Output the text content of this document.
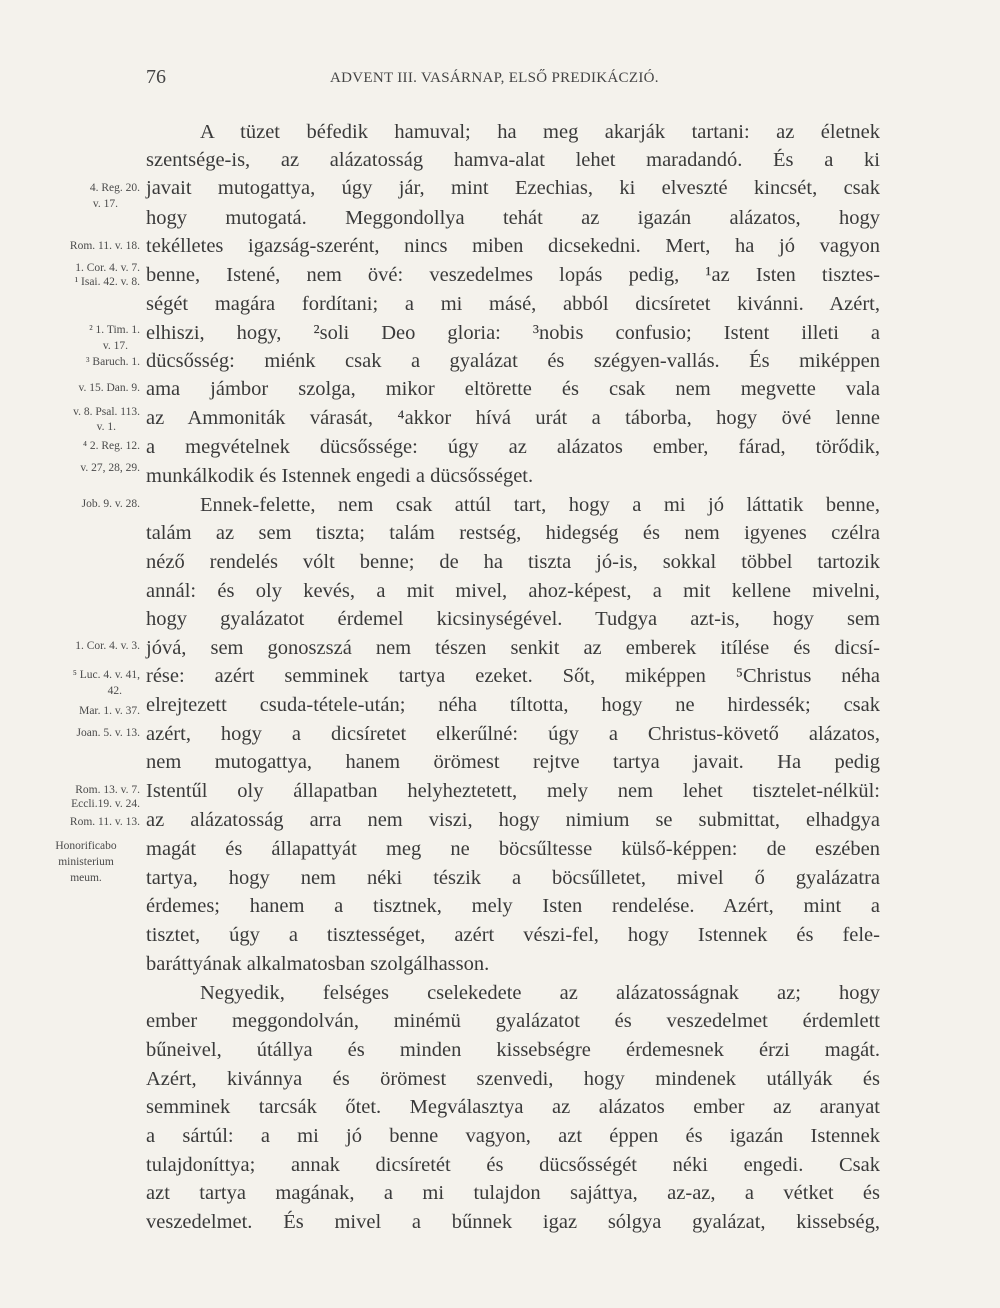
76	ADVENT III. VASÁRNAP, ELSŐ PREDIKÁCZIÓ.
A tüzet béfedik hamuval; ha meg akarják tartani: az életnek
szentsége-is, az alázatosság hamva-alat lehet maradandó. És a ki
javait mutogattya, úgy jár, mint Ezechias, ki elveszté kincsét, csak
hogy mutogatá. Meggondollya tehát az igazán alázatos, hogy
tekélletes igazság-szerént, nincs miben dicsekedni. Mert, ha jó vagyon
benne, Istené, nem övé: veszedelmes lopás pedig, ¹az Isten tisztes-
ségét magára fordítani; a mi másé, abból dicsíretet kivánni. Azért,
elhiszi, hogy, ²soli Deo gloria: ³nobis confusio; Istent illeti a
dücsősség: miénk csak a gyalázat és szégyen-vallás. És miképpen
ama jámbor szolga, mikor eltörette és csak nem megvette vala
az Ammoniták várasát, ⁴akkor hívá urát a táborba, hogy övé lenne
a megvételnek dücsőssége: úgy az alázatos ember, fárad, törődik,
munkálkodik és Istennek engedi a dücsősséget.
Ennek-felette, nem csak attúl tart, hogy a mi jó láttatik benne,
talám az sem tiszta; talám restség, hidegség és nem igyenes czélra
néző rendelés vólt benne; de ha tiszta jó-is, sokkal többel tartozik
annál: és oly kevés, a mit mivel, ahoz-képest, a mit kellene mivelni,
hogy gyalázatot érdemel kicsinységével. Tudgya azt-is, hogy sem
jóvá, sem gonoszszá nem tészen senkit az emberek itílése és dicsí-
rése: azért semminek tartya ezeket. Sőt, miképpen ⁵Christus néha
elrejtezett csuda-tétele-után; néha tíltotta, hogy ne hirdessék; csak
azért, hogy a dicsíretet elkerűlné: úgy a Christus-követő alázatos,
nem mutogattya, hanem örömest rejtve tartya javait. Ha pedig
Istentűl oly állapatban helyheztetett, mely nem lehet tisztelet-nélkül:
az alázatosság arra nem viszi, hogy nimium se submittat, elhadgya
magát és állapattyát meg ne böcsűltesse külső-képpen: de eszében
tartya, hogy nem néki tészik a böcsűlletet, mivel ő gyalázatra
érdemes; hanem a tisztnek, mely Isten rendelése. Azért, mint a
tisztet, úgy a tisztességet, azért vészi-fel, hogy Istennek és fele-
baráttyának alkalmatosban szolgálhasson.
Negyedik, felséges cselekedete az alázatosságnak az; hogy
ember meggondolván, minémü gyalázatot és veszedelmet érdemlett
bűneivel, útállya és minden kissebségre érdemesnek érzi magát.
Azért, kivánnya és örömest szenvedi, hogy mindenek utállyák és
semminek tarcsák őtet. Megválasztya az alázatos ember az aranyat
a sártúl: a mi jó benne vagyon, azt éppen és igazán Istennek
tulajdoníttya; annak dicsíretét és dücsősségét néki engedi. Csak
azt tartya magának, a mi tulajdon sajáttya, az-az, a vétket és
veszedelmet. És mivel a bűnnek igaz sólgya gyalázat, kissebség,
4. Reg. 20.
v. 17.
Rom. 11. v. 18.
1. Cor. 4. v. 7.
¹ Isai. 42. v. 8.
² 1. Tim. 1.
v. 17.
³ Baruch. 1.
v. 15. Dan. 9.
v. 8. Psal. 113.
v. 1.
⁴ 2. Reg. 12.
v. 27, 28, 29.
Job. 9. v. 28.
1. Cor. 4. v. 3.
⁵ Luc. 4. v. 41,
42.
Mar. 1. v. 37.
Joan. 5. v. 13.
Rom. 13. v. 7.
Eccli.19. v. 24.
Rom. 11. v. 13.
Honorificabo
ministerium
meum.
